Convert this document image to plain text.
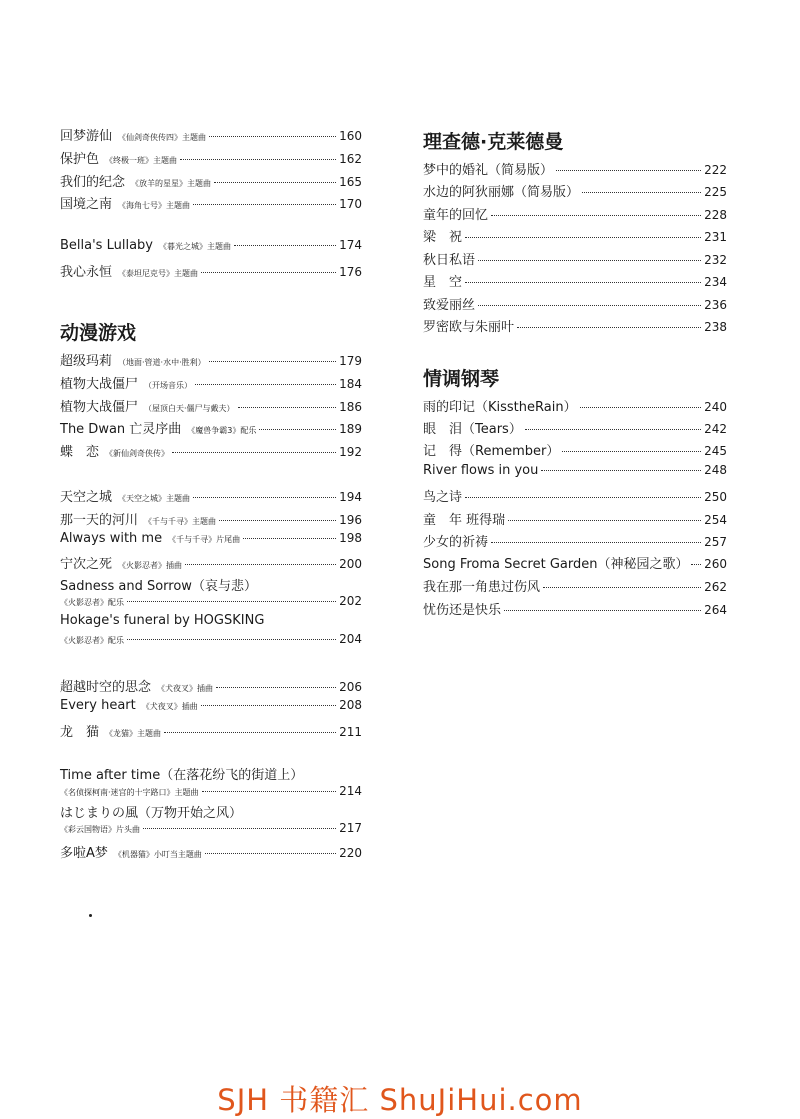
回梦游仙 《仙剑奇侠传四》主题曲	160
保护色 《终极一班》主题曲	162
我们的纪念 《放羊的星星》主题曲	165
国境之南 《海角七号》主题曲	170
Bella's Lullaby 《暮光之城》主题曲	174
我心永恒 《泰坦尼克号》主题曲	176
动漫游戏
超级玛莉 （地面·管道·水中·胜利）	179
植物大战僵尸 （开场音乐）	184
植物大战僵尸 （屋顶白天·僵尸与戴夫）	186
The Dwan 亡灵序曲 《魔兽争霸3》配乐	189
蝶　恋 《新仙剑奇侠传》	192
天空之城 《天空之城》主题曲	194
那一天的河川 《千与千寻》主题曲	196
Always with me 《千与千寻》片尾曲	198
宁次之死 《火影忍者》插曲	200
Sadness and Sorrow（哀与悲）
《火影忍者》配乐	202
Hokage's funeral by HOGSKING
《火影忍者》配乐	204
超越时空的思念 《犬夜叉》插曲	206
Every heart 《犬夜叉》插曲	208
龙　猫 《龙猫》主题曲	211
Time after time（在落花纷飞的街道上）
《名侦探柯南·迷宫的十字路口》主题曲	214
はじまりの風（万物开始之风）
《彩云国物语》片头曲	217
多啦A梦 《机器猫》小叮当主题曲	220
理查德·克莱德曼
梦中的婚礼（简易版）	222
水边的阿狄丽娜（简易版）	225
童年的回忆	228
梁　祝	231
秋日私语	232
星　空	234
致爱丽丝	236
罗密欧与朱丽叶	238
情调钢琴
雨的印记（KisstheRain）	240
眼　泪（Tears）	242
记　得（Remember）	245
River flows in you	248
鸟之诗	250
童　年 班得瑞	254
少女的祈祷	257
Song Froma Secret Garden（神秘园之歌） 260
我在那一角患过伤风	262
忧伤还是快乐	264
SJH 书籍汇 ShuJiHui.com
